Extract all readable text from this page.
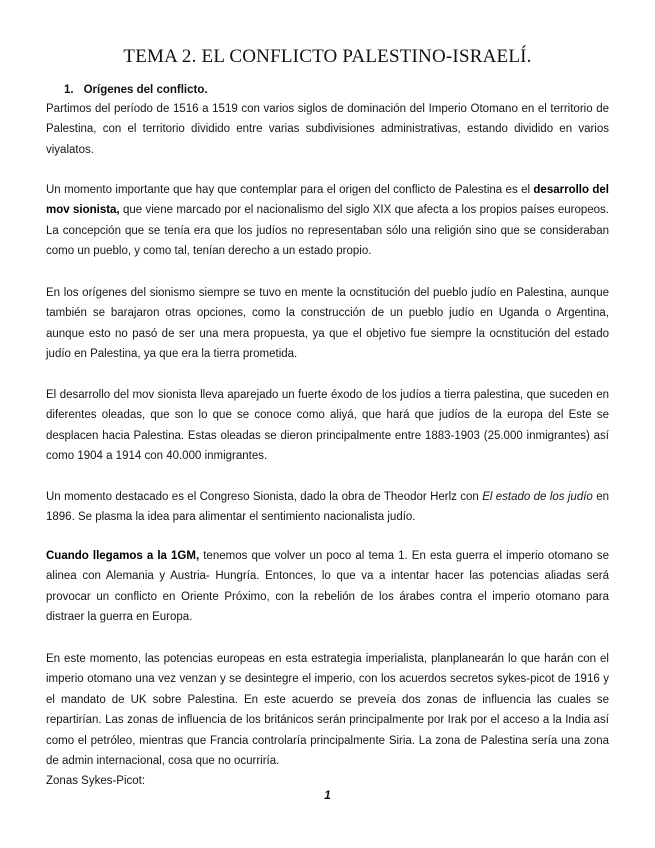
TEMA 2. EL CONFLICTO PALESTINO-ISRAELÍ.
1. Orígenes del conflicto.

Partimos del período de 1516 a 1519 con varios siglos de dominación del Imperio Otomano en el territorio de Palestina, con el territorio dividido entre varias subdivisiones administrativas, estando dividido en varios viyalatos.

Un momento importante que hay que contemplar para el origen del conflicto de Palestina es el desarrollo del mov sionista, que viene marcado por el nacionalismo del siglo XIX que afecta a los propios países europeos. La concepción que se tenía era que los judíos no representaban sólo una religión sino que se consideraban como un pueblo, y como tal, tenían derecho a un estado propio.

En los orígenes del sionismo siempre se tuvo en mente la ocnstitución del pueblo judío en Palestina, aunque también se barajaron otras opciones, como la construcción de un pueblo judío en Uganda o Argentina, aunque esto no pasó de ser una mera propuesta, ya que el objetivo fue siempre la ocnstitución del estado judío en Palestina, ya que era la tierra prometida.

El desarrollo del mov sionista lleva aparejado un fuerte éxodo de los judíos a tierra palestina, que suceden en diferentes oleadas, que son lo que se conoce como aliyá, que hará que judíos de la europa del Este se desplacen hacia Palestina. Estas oleadas se dieron principalmente entre 1883-1903 (25.000 inmigrantes) así como 1904 a 1914 con 40.000 inmigrantes.

Un momento destacado es el Congreso Sionista, dado la obra de Theodor Herlz con El estado de los judío en 1896. Se plasma la idea para alimentar el sentimiento nacionalista judío.

Cuando llegamos a la 1GM, tenemos que volver un poco al tema 1. En esta guerra el imperio otomano se alinea con Alemania y Austria- Hungría. Entonces, lo que va a intentar hacer las potencias aliadas será provocar un conflicto en Oriente Próximo, con la rebelión de los árabes contra el imperio otomano para distraer la guerra en Europa.

En este momento, las potencias europeas en esta estrategia imperialista, planplanearán lo que harán con el imperio otomano una vez venzan y se desintegre el imperio, con los acuerdos secretos sykes-picot de 1916 y el mandato de UK sobre Palestina. En este acuerdo se preveía dos zonas de influencia las cuales se repartirían. Las zonas de influencia de los británicos serán principalmente por Irak por el acceso a la India así como el petróleo, mientras que Francia controlaría principalmente Siria. La zona de Palestina sería una zona de admin internacional, cosa que no ocurriría.

Zonas Sykes-Picot:

1
